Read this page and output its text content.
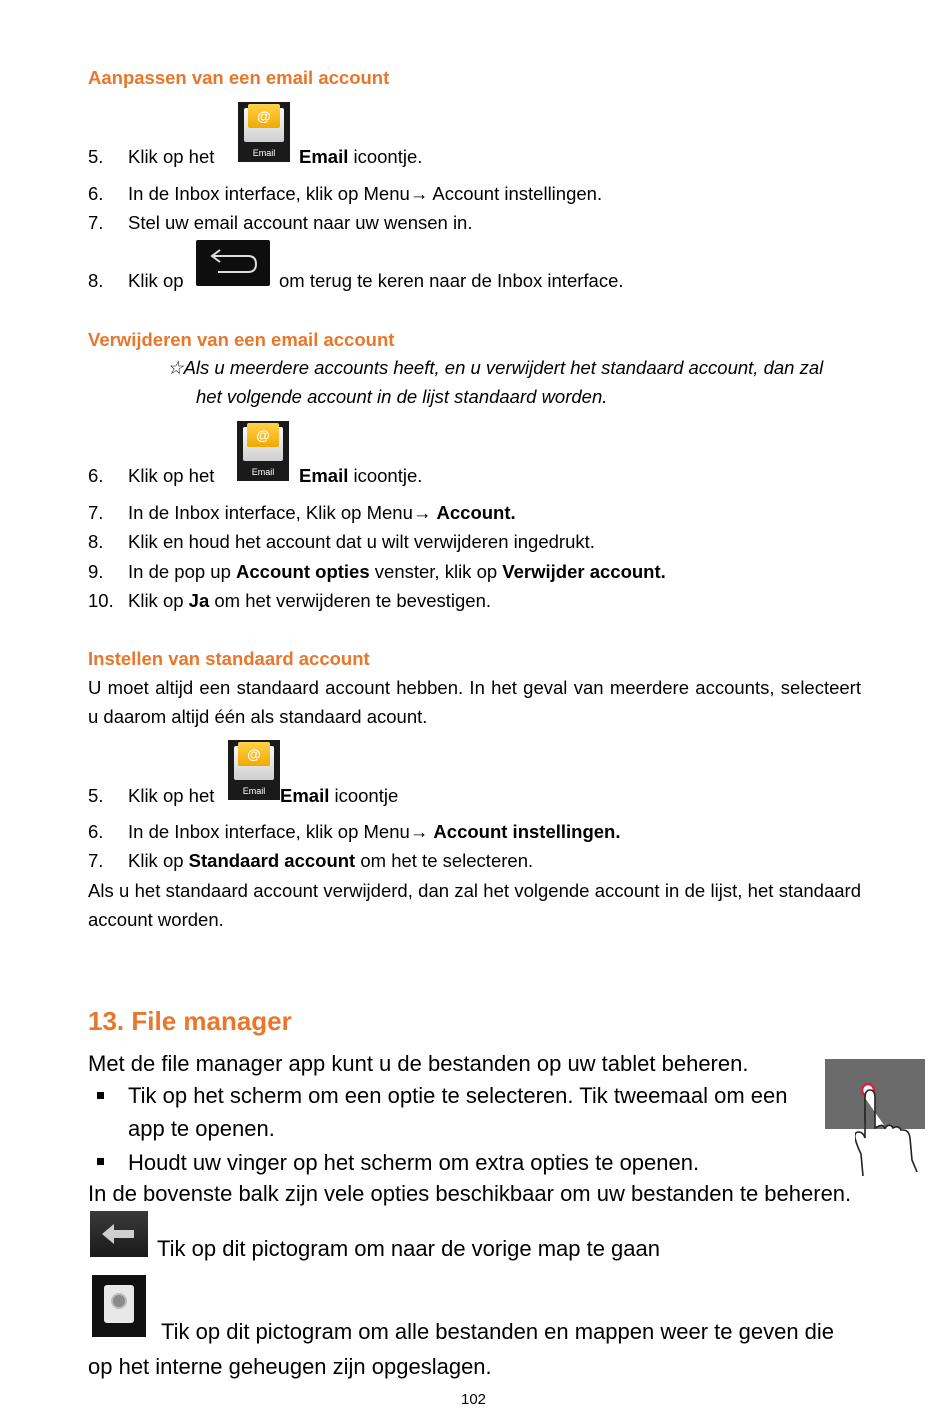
Aanpassen van een email account
@
Email
5. Klik op het	Email icoontje.
6. In de Inbox interface, klik op Menu→ Account instellingen.
7. Stel uw email account naar uw wensen in.
8. Klik op	om terug te keren naar de Inbox interface.
Verwijderen van een email account
☆Als u meerdere accounts heeft, en u verwijdert het standaard account, dan zal
het volgende account in de lijst standaard worden.
@
Email
6. Klik op het	Email icoontje.
7. In de Inbox interface, Klik op Menu→ Account.
8. Klik en houd het account dat u wilt verwijderen ingedrukt.
9. In de pop up Account opties venster, klik op Verwijder account.
10. Klik op Ja om het verwijderen te bevestigen.
Instellen van standaard account
U moet altijd een standaard account hebben. In het geval van meerdere accounts, selecteert u daarom altijd één als standaard acount.
@
Email
5. Klik op het	Email icoontje
6. In de Inbox interface, klik op Menu→ Account instellingen.
7. Klik op Standaard account om het te selecteren.
Als u het standaard account verwijderd, dan zal het volgende account in de lijst, het standaard account worden.
13. File manager
Met de file manager app kunt u de bestanden op uw tablet beheren.
Tik op het scherm om een optie te selecteren. Tik tweemaal om een
app te openen.
Houdt uw vinger op het scherm om extra opties te openen.
In de bovenste balk zijn vele opties beschikbaar om uw bestanden te beheren.
Tik op dit pictogram om naar de vorige map te gaan
Tik op dit pictogram om alle bestanden en mappen weer te geven die
op het interne geheugen zijn opgeslagen.
102
